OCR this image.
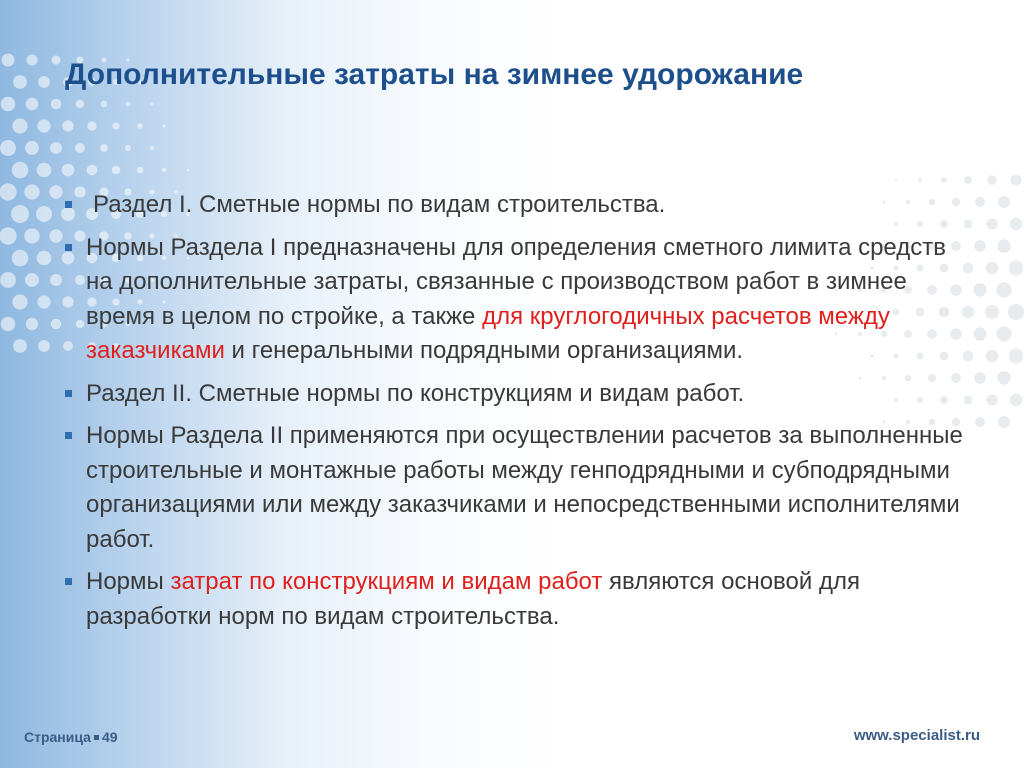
Дополнительные затраты на зимнее удорожание
Раздел I. Сметные нормы по видам строительства.
Нормы Раздела I предназначены для определения сметного лимита средств на дополнительные затраты, связанные с производством работ в зимнее время в целом по стройке, а также для круглогодичных расчетов между заказчиками и генеральными подрядными организациями.
Раздел II. Сметные нормы по конструкциям и видам работ.
Нормы Раздела II применяются при осуществлении расчетов за выполненные строительные и монтажные работы между генподрядными и субподрядными организациями или между заказчиками и непосредственными исполнителями работ.
Нормы затрат по конструкциям и видам работ являются основой для разработки норм по видам строительства.
Страница 49	www.specialist.ru
